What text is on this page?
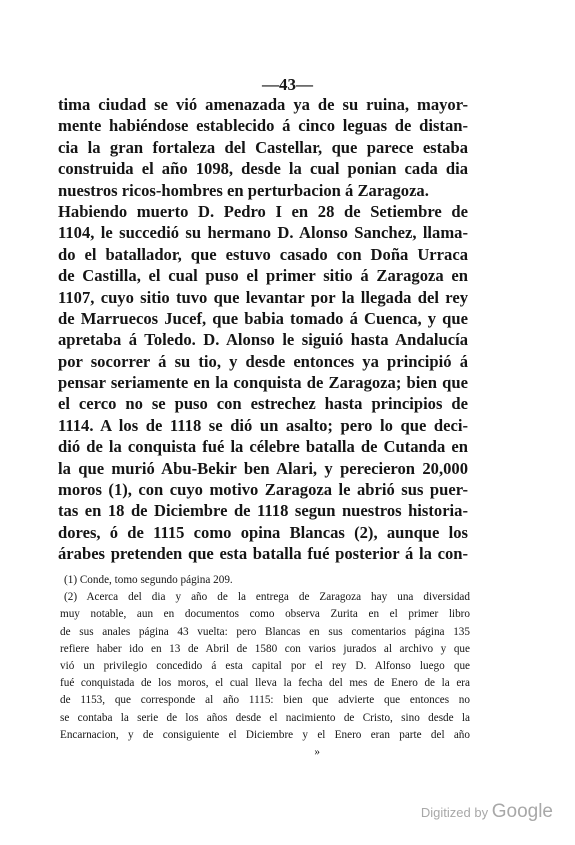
—43—
tima ciudad se vió amenazada ya de su ruina, mayor-
mente habiéndose establecido á cinco leguas de distan-
cia la gran fortaleza del Castellar, que parece estaba
construida el año 1098, desde la cual ponian cada dia
nuestros ricos-hombres en perturbacion á Zaragoza.
Habiendo muerto D. Pedro I en 28 de Setiembre de
1104, le succedió su hermano D. Alonso Sanchez, llama-
do el batallador, que estuvo casado con Doña Urraca
de Castilla, el cual puso el primer sitio á Zaragoza en
1107, cuyo sitio tuvo que levantar por la llegada del rey
de Marruecos Jucef, que babia tomado á Cuenca, y que
apretaba á Toledo. D. Alonso le siguió hasta Andalucía
por socorrer á su tio, y desde entonces ya principió á
pensar seriamente en la conquista de Zaragoza; bien que
el cerco no se puso con estrechez hasta principios de
1114. A los de 1118 se dió un asalto; pero lo que deci-
dió de la conquista fué la célebre batalla de Cutanda en
la que murió Abu-Bekir ben Alari, y perecieron 20,000
moros (1), con cuyo motivo Zaragoza le abrió sus puer-
tas en 18 de Diciembre de 1118 segun nuestros historia-
dores, ó de 1115 como opina Blancas (2), aunque los
árabes pretenden que esta batalla fué posterior á la con-
(1) Conde, tomo segundo página 209.
(2) Acerca del dia y año de la entrega de Zaragoza hay una diversidad
muy notable, aun en documentos como observa Zurita en el primer libro
de sus anales página 43 vuelta: pero Blancas en sus comentarios página 135
refiere haber ido en 13 de Abril de 1580 con varios jurados al archivo y que
vió un privilegio concedido á esta capital por el rey D. Alfonso luego que
fué conquistada de los moros, el cual lleva la fecha del mes de Enero de la era
de 1153, que corresponde al año 1115: bien que advierte que entonces no
se contaba la serie de los años desde el nacimiento de Cristo, sino desde la
Encarnacion, y de consiguiente el Diciembre y el Enero eran parte del año
»
Digitized by Google
